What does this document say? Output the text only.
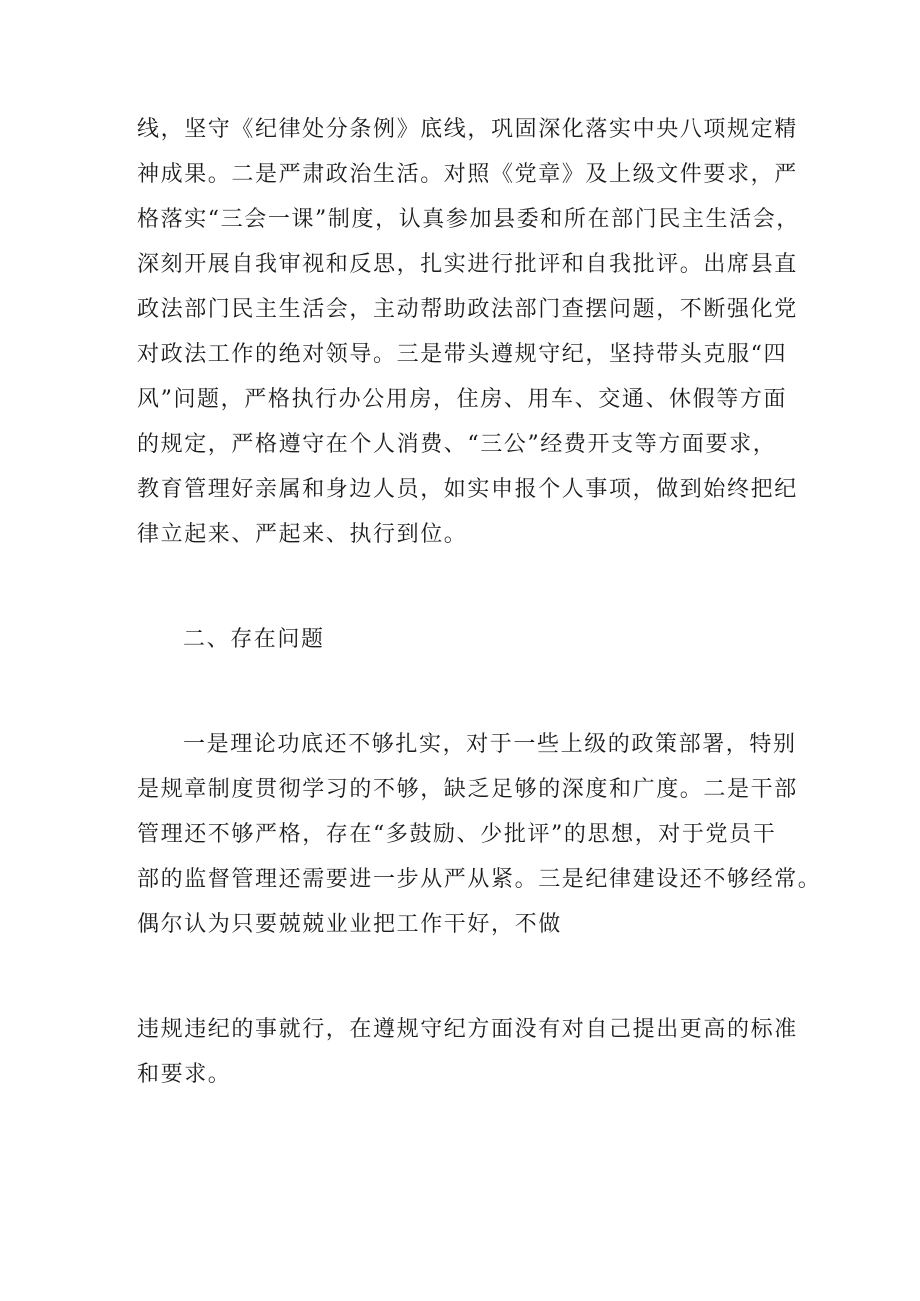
线，坚守《纪律处分条例》底线，巩固深化落实中央八项规定精
神成果。二是严肃政治生活。对照《党章》及上级文件要求，严
格落实“三会一课”制度，认真参加县委和所在部门民主生活会，
深刻开展自我审视和反思，扎实进行批评和自我批评。出席县直
政法部门民主生活会，主动帮助政法部门查摆问题，不断强化党
对政法工作的绝对领导。三是带头遵规守纪，坚持带头克服“四
风”问题，严格执行办公用房，住房、用车、交通、休假等方面
的规定，严格遵守在个人消费、“三公”经费开支等方面要求，
教育管理好亲属和身边人员，如实申报个人事项，做到始终把纪
律立起来、严起来、执行到位。
二、存在问题
一是理论功底还不够扎实，对于一些上级的政策部署，特别
是规章制度贯彻学习的不够，缺乏足够的深度和广度。二是干部
管理还不够严格，存在“多鼓励、少批评”的思想，对于党员干
部的监督管理还需要进一步从严从紧。三是纪律建设还不够经常。
偶尔认为只要兢兢业业把工作干好，不做
违规违纪的事就行，在遵规守纪方面没有对自己提出更高的标准
和要求。
